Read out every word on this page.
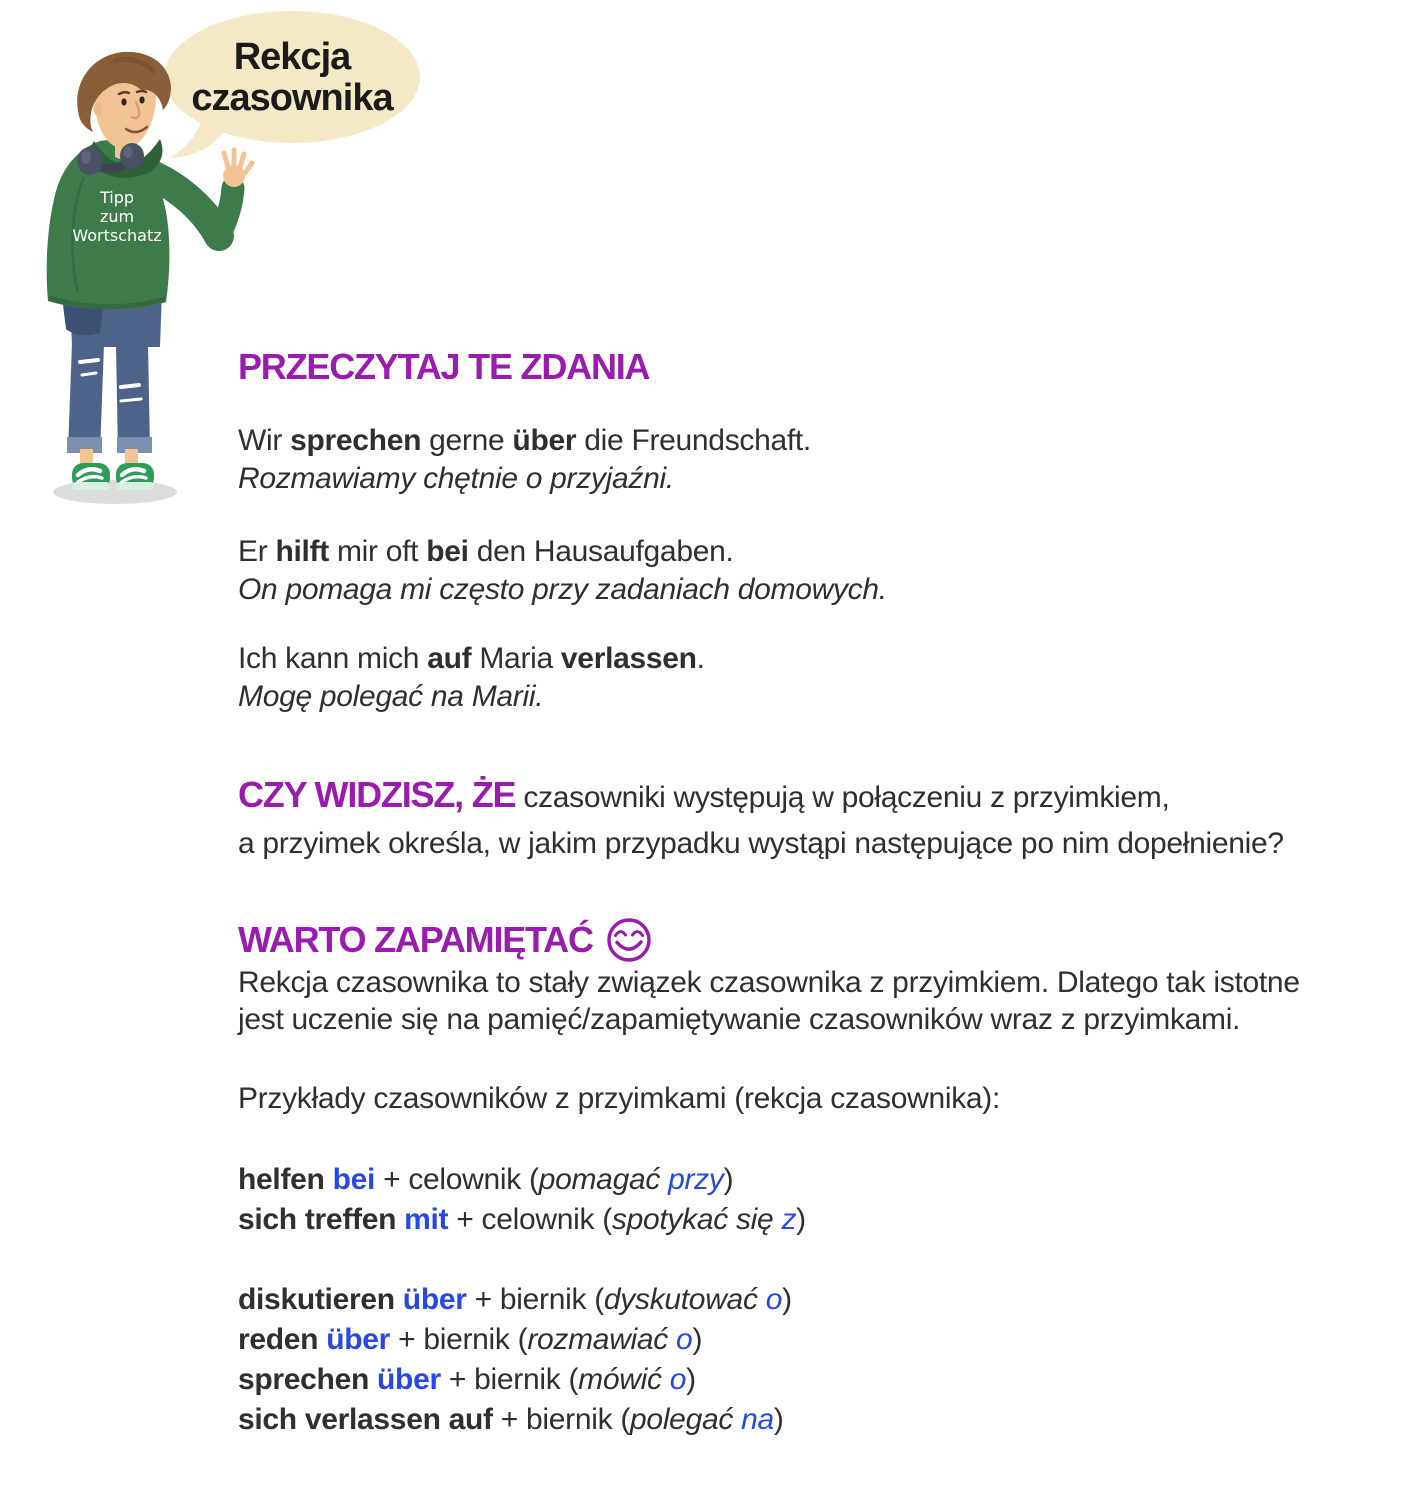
Rekcja
czasownika
Tipp
zum
Wortschatz
PRZECZYTAJ TE ZDANIA
Wir sprechen gerne über die Freundschaft.
Rozmawiamy chętnie o przyjaźni.
Er hilft mir oft bei den Hausaufgaben.
On pomaga mi często przy zadaniach domowych.
Ich kann mich auf Maria verlassen.
Mogę polegać na Marii.
CZY WIDZISZ, ŻE czasowniki występują w połączeniu z przyimkiem,
a przyimek określa, w jakim przypadku wystąpi następujące po nim dopełnienie?
WARTO ZAPAMIĘTAĆ
Rekcja czasownika to stały związek czasownika z przyimkiem. Dlatego tak istotne
jest uczenie się na pamięć/zapamiętywanie czasowników wraz z przyimkami.
Przykłady czasowników z przyimkami (rekcja czasownika):
helfen bei + celownik (pomagać przy)
sich treffen mit + celownik (spotykać się z)
diskutieren über + biernik (dyskutować o)
reden über + biernik (rozmawiać o)
sprechen über + biernik (mówić o)
sich verlassen auf + biernik (polegać na)
